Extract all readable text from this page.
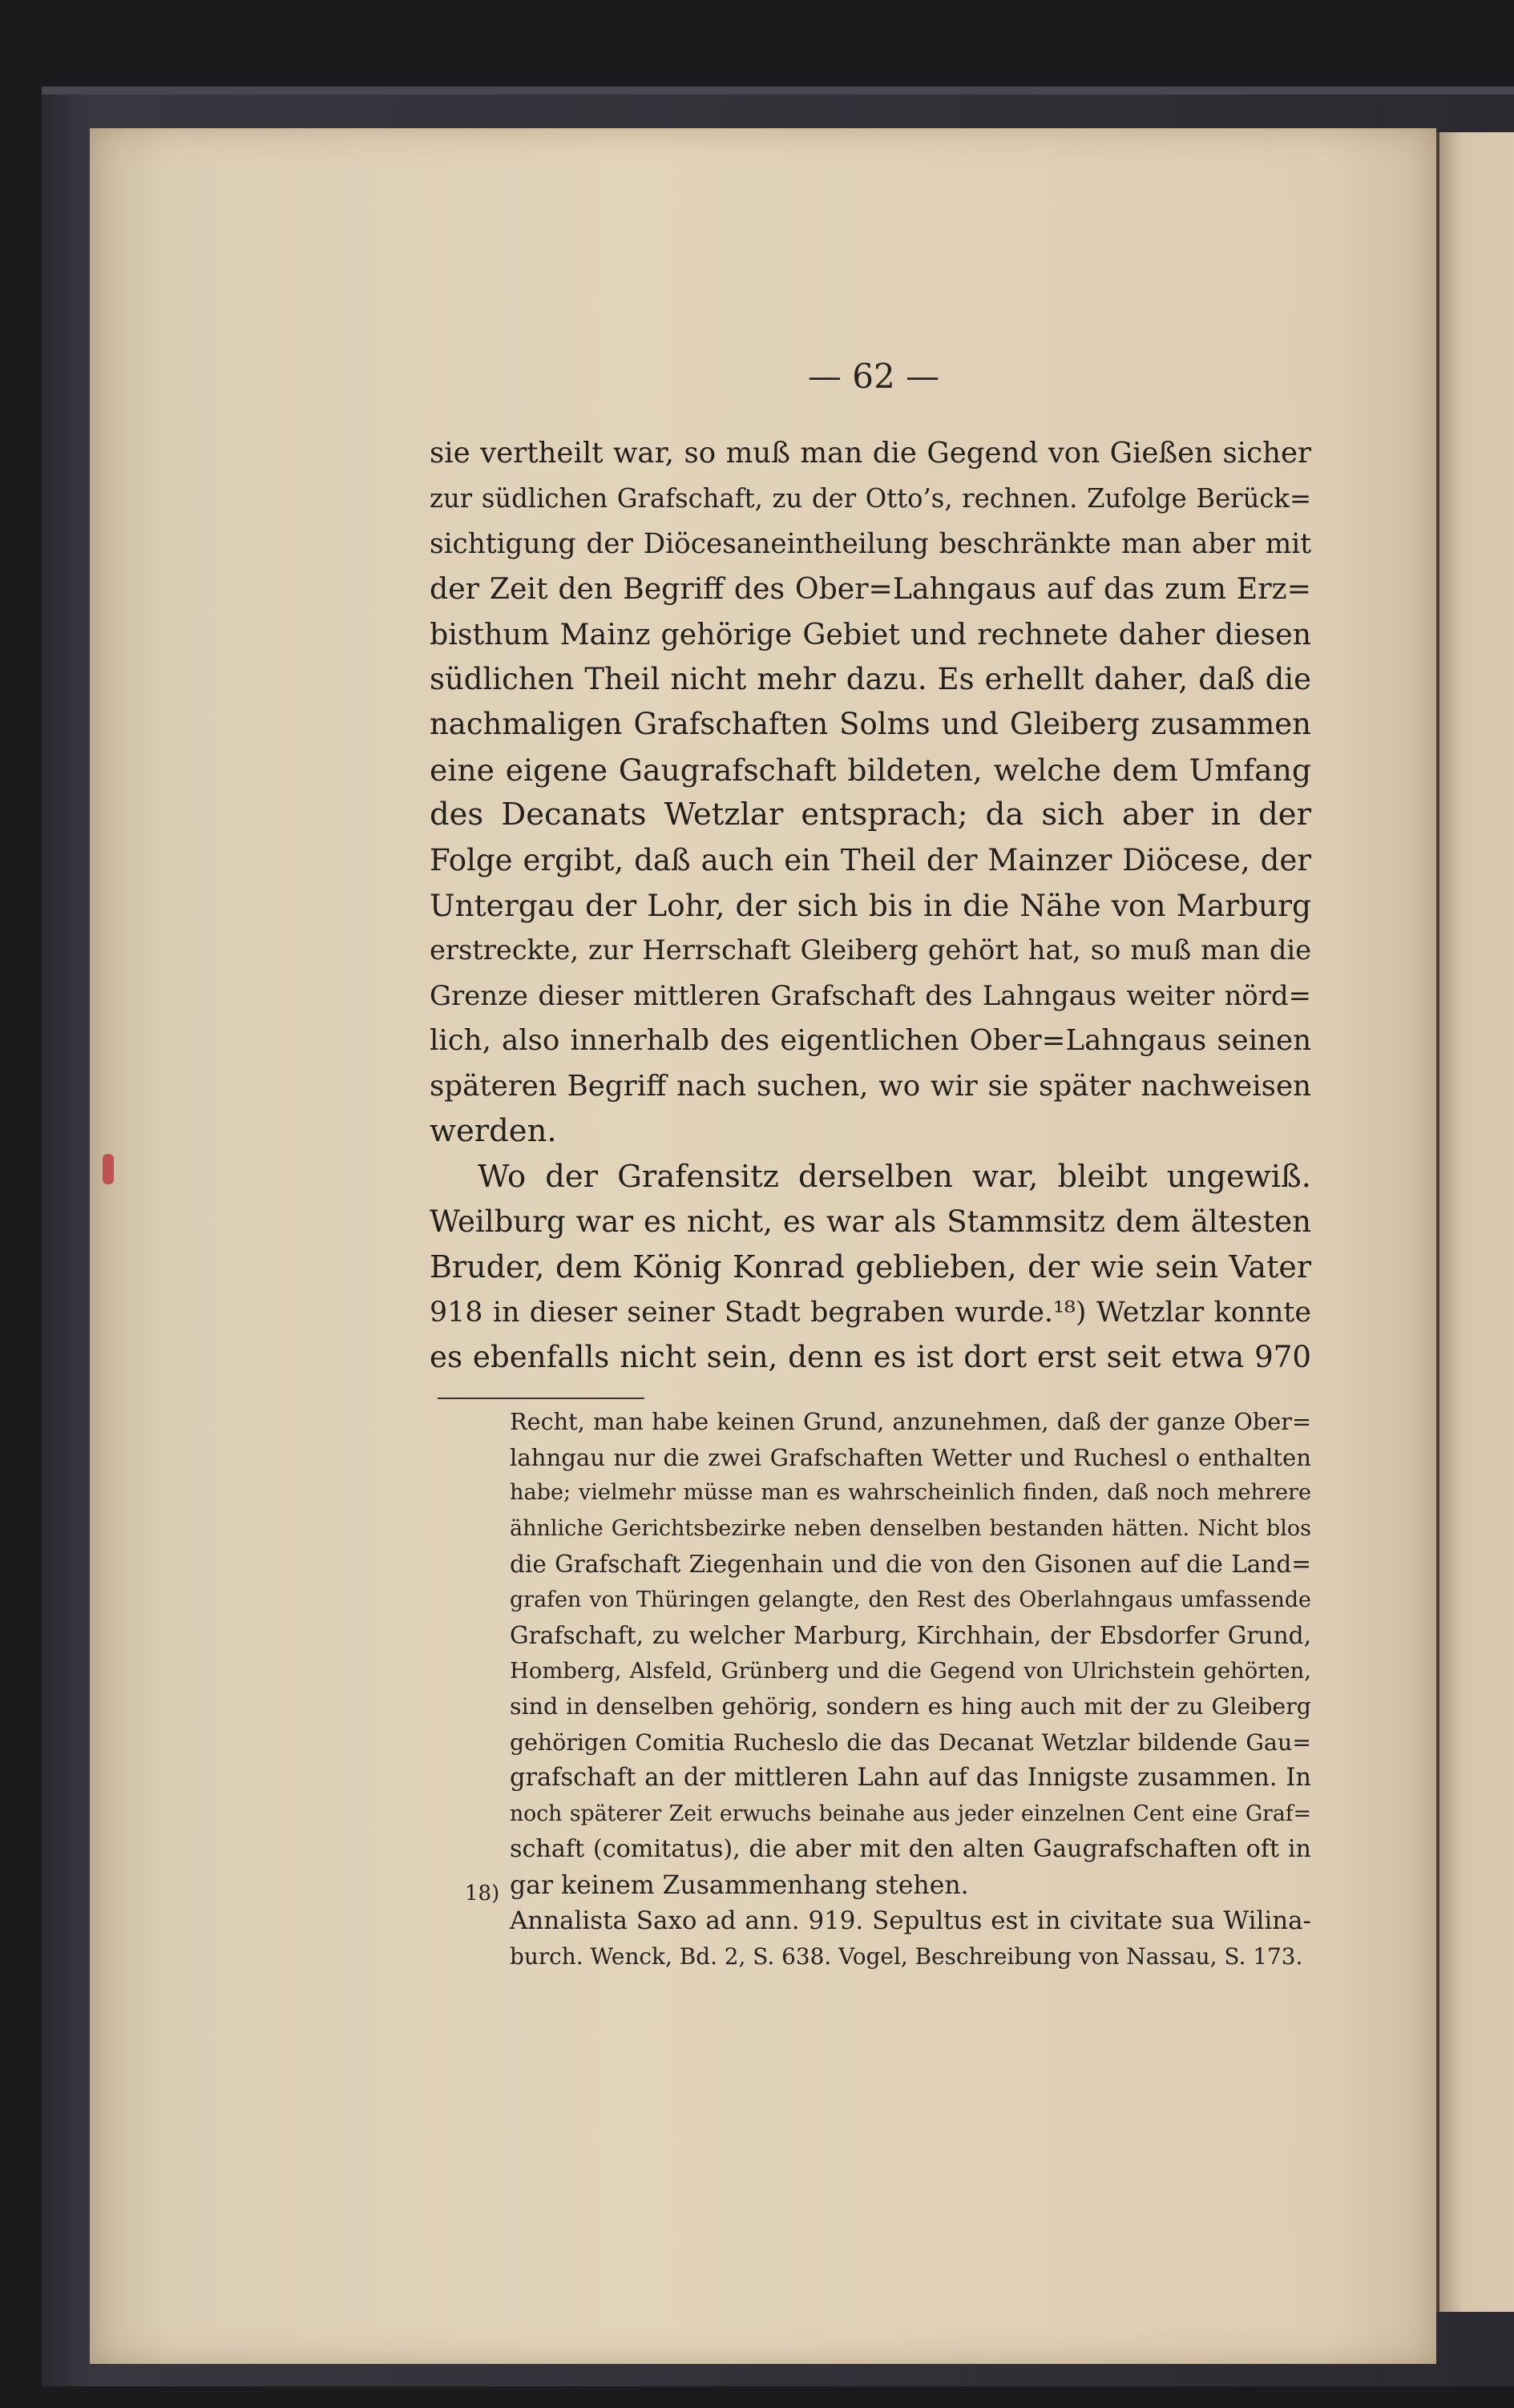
— 62 —
sie vertheilt war, so muß man die Gegend von Gießen sicher
zur südlichen Grafschaft, zu der Otto’s, rechnen. Zufolge Berück=
sichtigung der Diöcesaneintheilung beschränkte man aber mit
der Zeit den Begriff des Ober=Lahngaus auf das zum Erz=
bisthum Mainz gehörige Gebiet und rechnete daher diesen
südlichen Theil nicht mehr dazu. Es erhellt daher, daß die
nachmaligen Grafschaften Solms und Gleiberg zusammen
eine eigene Gaugrafschaft bildeten, welche dem Umfang
des Decanats Wetzlar entsprach; da sich aber in der
Folge ergibt, daß auch ein Theil der Mainzer Diöcese, der
Untergau der Lohr, der sich bis in die Nähe von Marburg
erstreckte, zur Herrschaft Gleiberg gehört hat, so muß man die
Grenze dieser mittleren Grafschaft des Lahngaus weiter nörd=
lich, also innerhalb des eigentlichen Ober=Lahngaus seinen
späteren Begriff nach suchen, wo wir sie später nachweisen
werden.
Wo der Grafensitz derselben war, bleibt ungewiß.
Weilburg war es nicht, es war als Stammsitz dem ältesten
Bruder, dem König Konrad geblieben, der wie sein Vater
918 in dieser seiner Stadt begraben wurde.¹⁸) Wetzlar konnte
es ebenfalls nicht sein, denn es ist dort erst seit etwa 970
Recht, man habe keinen Grund, anzunehmen, daß der ganze Ober=
lahngau nur die zwei Grafschaften Wetter und Ruchesl o enthalten
habe; vielmehr müsse man es wahrscheinlich finden, daß noch mehrere
ähnliche Gerichtsbezirke neben denselben bestanden hätten. Nicht blos
die Grafschaft Ziegenhain und die von den Gisonen auf die Land=
grafen von Thüringen gelangte, den Rest des Oberlahngaus umfassende
Grafschaft, zu welcher Marburg, Kirchhain, der Ebsdorfer Grund,
Homberg, Alsfeld, Grünberg und die Gegend von Ulrichstein gehörten,
sind in denselben gehörig, sondern es hing auch mit der zu Gleiberg
gehörigen Comitia Rucheslo die das Decanat Wetzlar bildende Gau=
grafschaft an der mittleren Lahn auf das Innigste zusammen. In
noch späterer Zeit erwuchs beinahe aus jeder einzelnen Cent eine Graf=
schaft (comitatus), die aber mit den alten Gaugrafschaften oft in
gar keinem Zusammenhang stehen.
Annalista Saxo ad ann. 919. Sepultus est in civitate sua Wilina-
burch. Wenck, Bd. 2, S. 638. Vogel, Beschreibung von Nassau, S. 173.
18)
